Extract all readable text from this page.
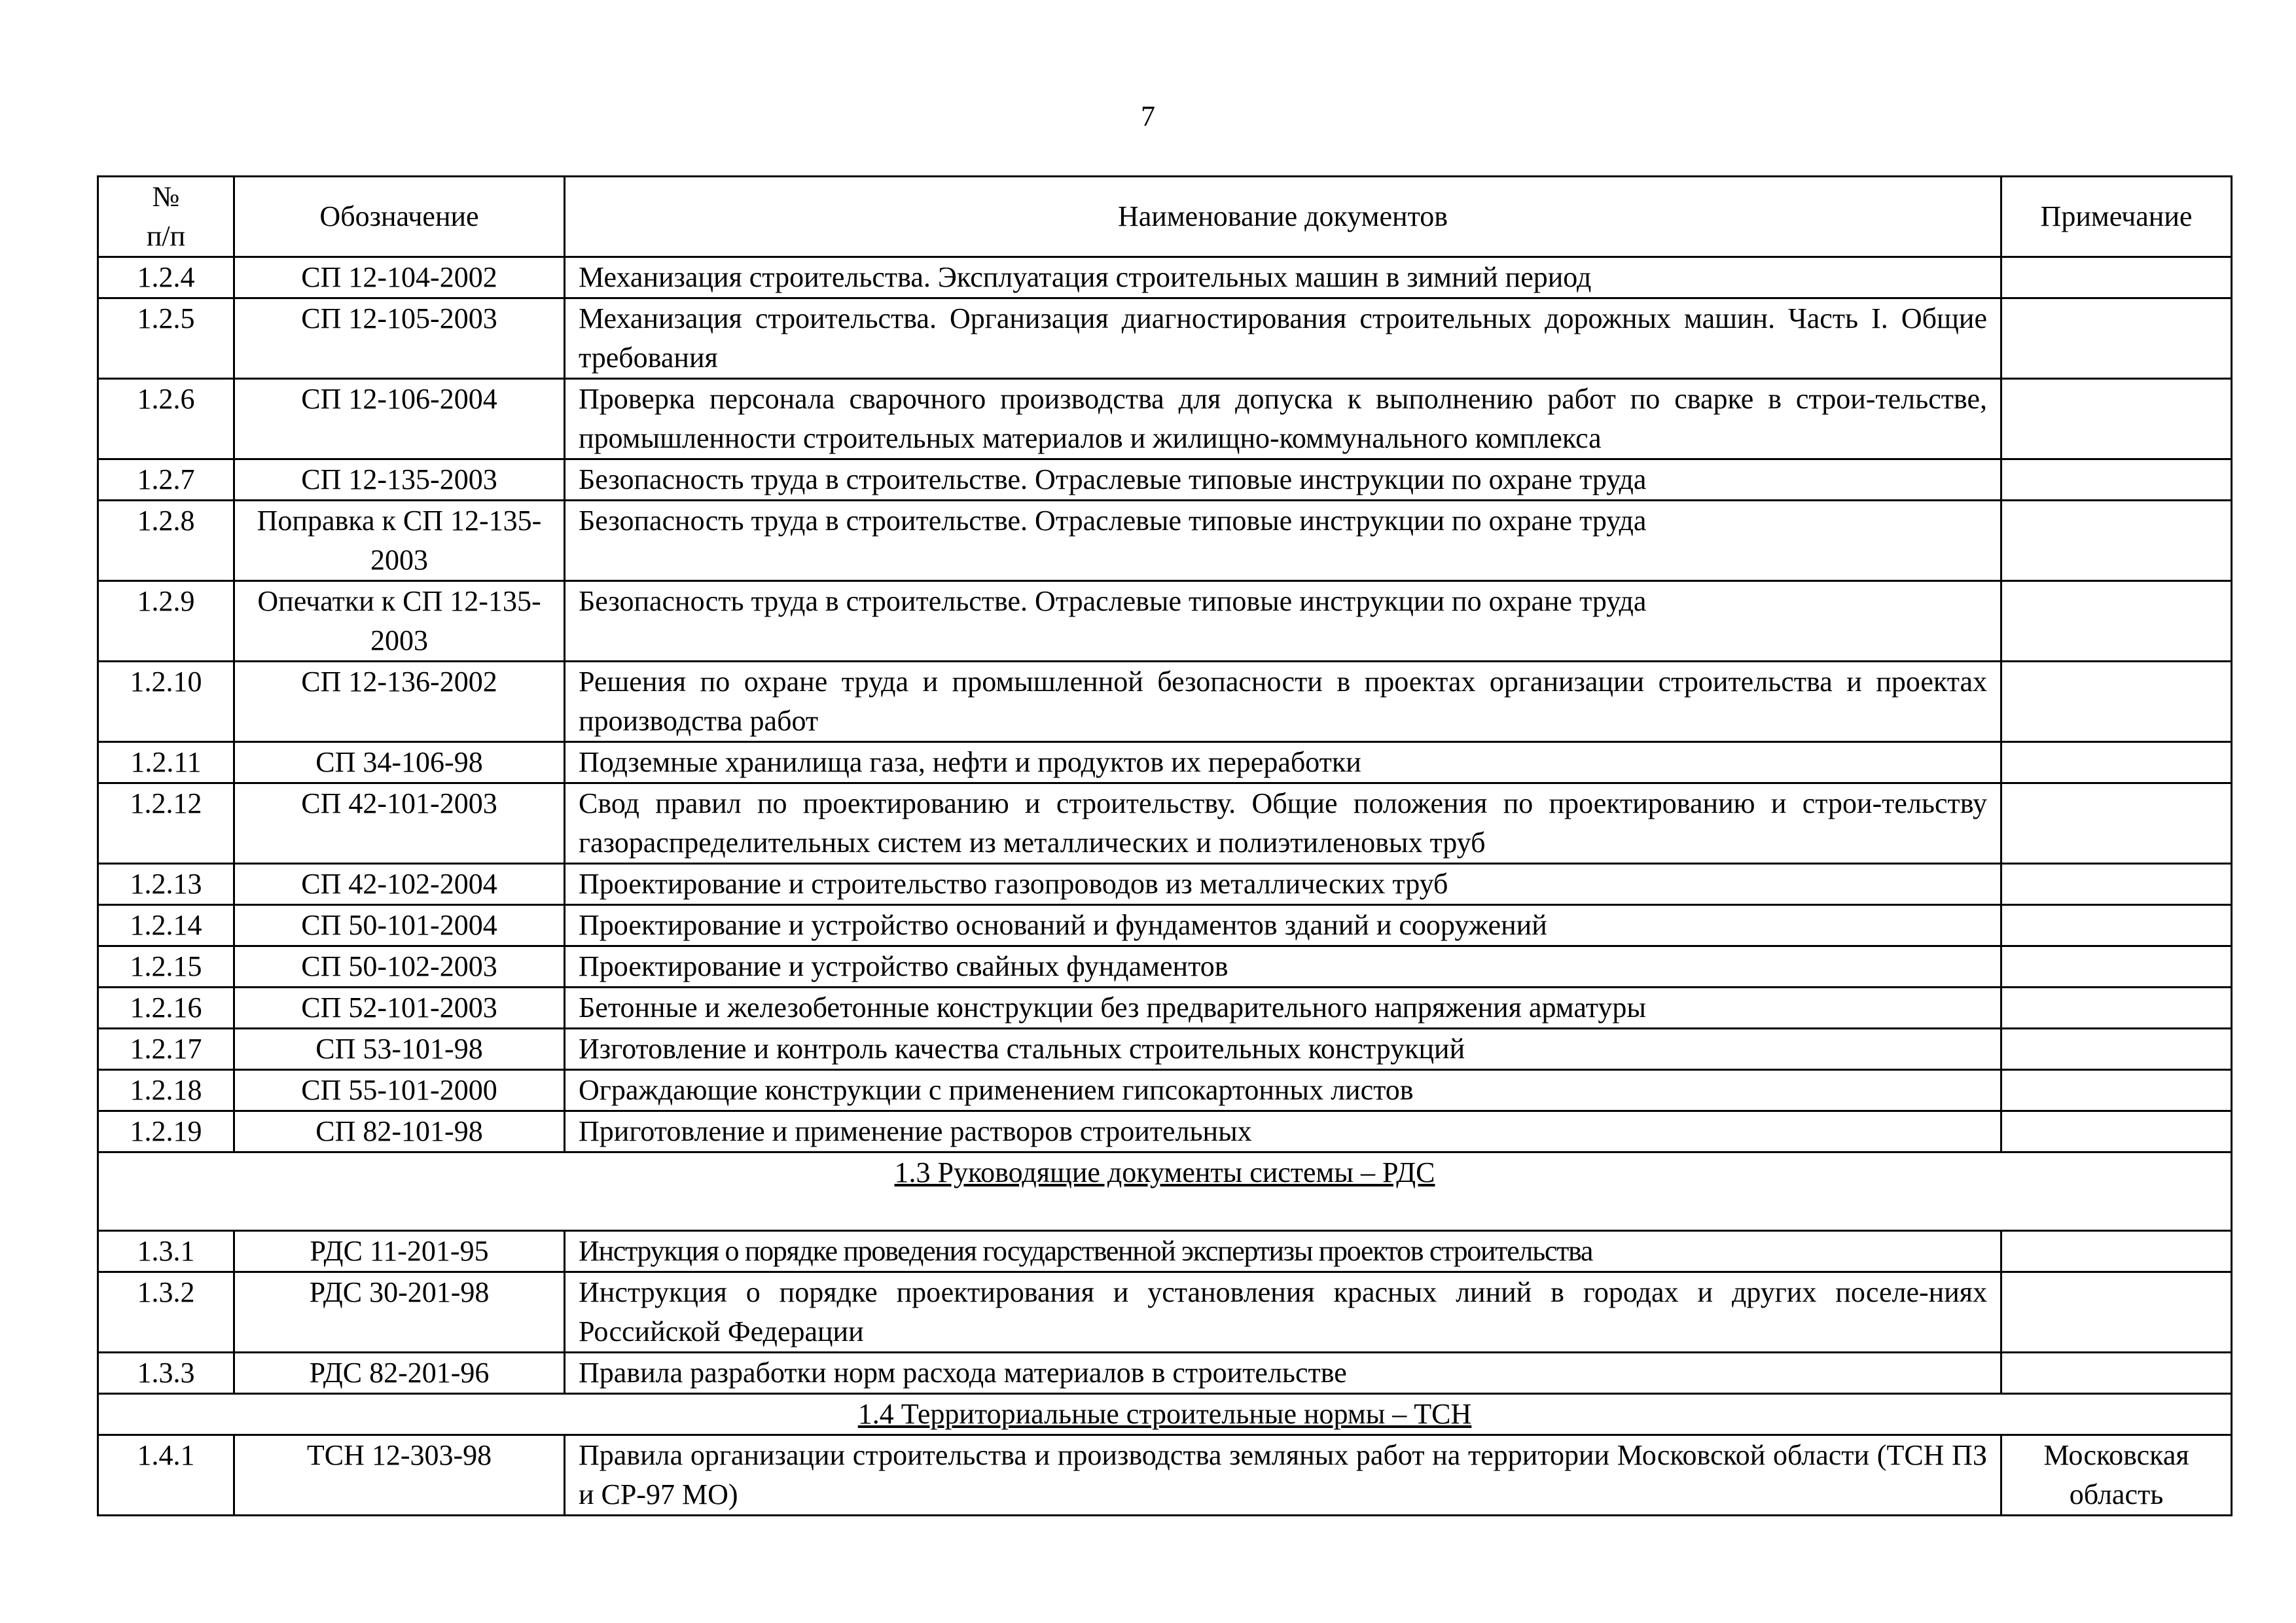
7
№
п/п	Обозначение	Наименование документов	Примечание
1.2.4	СП 12-104-2002	Механизация строительства. Эксплуатация строительных машин в зимний период	
1.2.5	СП 12-105-2003	Механизация строительства. Организация диагностирования строительных дорожных машин. Часть I. Общие требования	
1.2.6	СП 12-106-2004	Проверка персонала сварочного производства для допуска к выполнению работ по сварке в строи-тельстве, промышленности строительных материалов и жилищно-коммунального комплекса	
1.2.7	СП 12-135-2003	Безопасность труда в строительстве. Отраслевые типовые инструкции по охране труда	
1.2.8	Поправка к СП 12-135-2003	Безопасность труда в строительстве. Отраслевые типовые инструкции по охране труда	
1.2.9	Опечатки к СП 12-135-2003	Безопасность труда в строительстве. Отраслевые типовые инструкции по охране труда	
1.2.10	СП 12-136-2002	Решения по охране труда и промышленной безопасности в проектах организации строительства и проектах производства работ	
1.2.11	СП 34-106-98	Подземные хранилища газа, нефти и продуктов их переработки	
1.2.12	СП 42-101-2003	Свод правил по проектированию и строительству. Общие положения по проектированию и строи-тельству газораспределительных систем из металлических и полиэтиленовых труб	
1.2.13	СП 42-102-2004	Проектирование и строительство газопроводов из металлических труб	
1.2.14	СП 50-101-2004	Проектирование и устройство оснований и фундаментов зданий и сооружений	
1.2.15	СП 50-102-2003	Проектирование и устройство свайных фундаментов	
1.2.16	СП 52-101-2003	Бетонные и железобетонные конструкции без предварительного напряжения арматуры	
1.2.17	СП 53-101-98	Изготовление и контроль качества стальных строительных конструкций	
1.2.18	СП 55-101-2000	Ограждающие конструкции с применением гипсокартонных листов	
1.2.19	СП 82-101-98	Приготовление и применение растворов строительных	
1.3 Руководящие документы системы – РДС			
1.3.1	РДС 11-201-95	Инструкция о порядке проведения государственной экспертизы проектов строительства	
1.3.2	РДС 30-201-98	Инструкция о порядке проектирования и установления красных линий в городах и других поселе-ниях Российской Федерации	
1.3.3	РДС 82-201-96	Правила разработки норм расхода материалов в строительстве	
1.4 Территориальные строительные нормы – ТСН			
1.4.1	ТСН 12-303-98	Правила организации строительства и производства земляных работ на территории Московской области (ТСН ПЗ и СР-97 МО)	Московская область
